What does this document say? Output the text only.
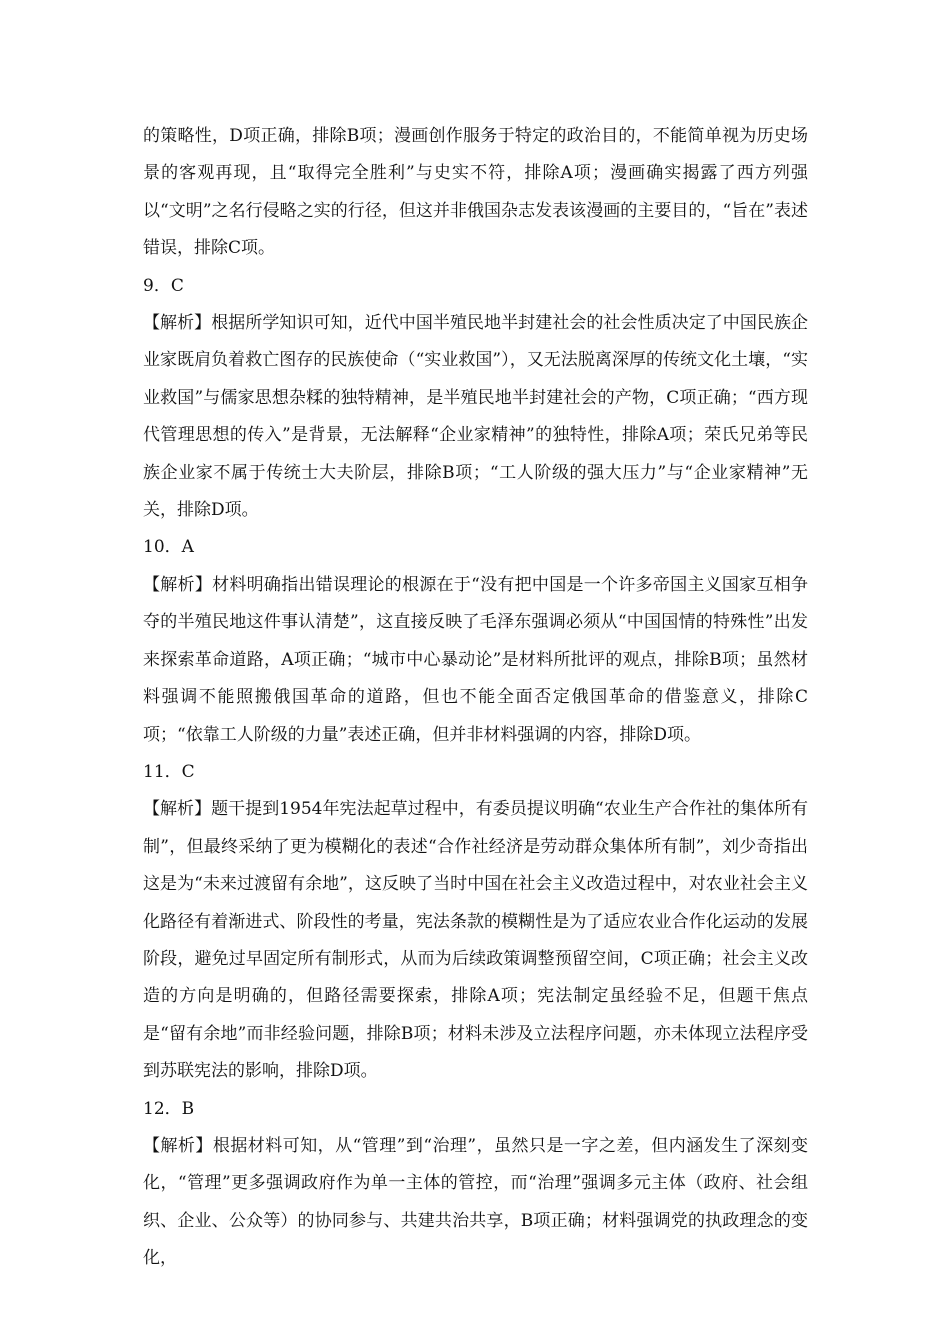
的策略性，D项正确，排除B项；漫画创作服务于特定的政治目的，不能简单视为历史场景的客观再现，且“取得完全胜利”与史实不符，排除A项；漫画确实揭露了西方列强以“文明”之名行侵略之实的行径，但这并非俄国杂志发表该漫画的主要目的，“旨在”表述错误，排除C项。

9．C

【解析】根据所学知识可知，近代中国半殖民地半封建社会的社会性质决定了中国民族企业家既肩负着救亡图存的民族使命（“实业救国”），又无法脱离深厚的传统文化土壤，“实业救国”与儒家思想杂糅的独特精神，是半殖民地半封建社会的产物，C项正确；“西方现代管理思想的传入”是背景，无法解释“企业家精神”的独特性，排除A项；荣氏兄弟等民族企业家不属于传统士大夫阶层，排除B项；“工人阶级的强大压力”与“企业家精神”无关，排除D项。

10．A

【解析】材料明确指出错误理论的根源在于“没有把中国是一个许多帝国主义国家互相争夺的半殖民地这件事认清楚”，这直接反映了毛泽东强调必须从“中国国情的特殊性”出发来探索革命道路，A项正确；“城市中心暴动论”是材料所批评的观点，排除B项；虽然材料强调不能照搬俄国革命的道路，但也不能全面否定俄国革命的借鉴意义，排除C项；“依靠工人阶级的力量”表述正确，但并非材料强调的内容，排除D项。

11．C

【解析】题干提到1954年宪法起草过程中，有委员提议明确“农业生产合作社的集体所有制”，但最终采纳了更为模糊化的表述“合作社经济是劳动群众集体所有制”，刘少奇指出这是为“未来过渡留有余地”，这反映了当时中国在社会主义改造过程中，对农业社会主义化路径有着渐进式、阶段性的考量，宪法条款的模糊性是为了适应农业合作化运动的发展阶段，避免过早固定所有制形式，从而为后续政策调整预留空间，C项正确；社会主义改造的方向是明确的，但路径需要探索，排除A项；宪法制定虽经验不足，但题干焦点是“留有余地”而非经验问题，排除B项；材料未涉及立法程序问题，亦未体现立法程序受到苏联宪法的影响，排除D项。

12．B

【解析】根据材料可知，从“管理”到“治理”，虽然只是一字之差，但内涵发生了深刻变化，“管理”更多强调政府作为单一主体的管控，而“治理”强调多元主体（政府、社会组织、企业、公众等）的协同参与、共建共治共享，B项正确；材料强调党的执政理念的变化，
